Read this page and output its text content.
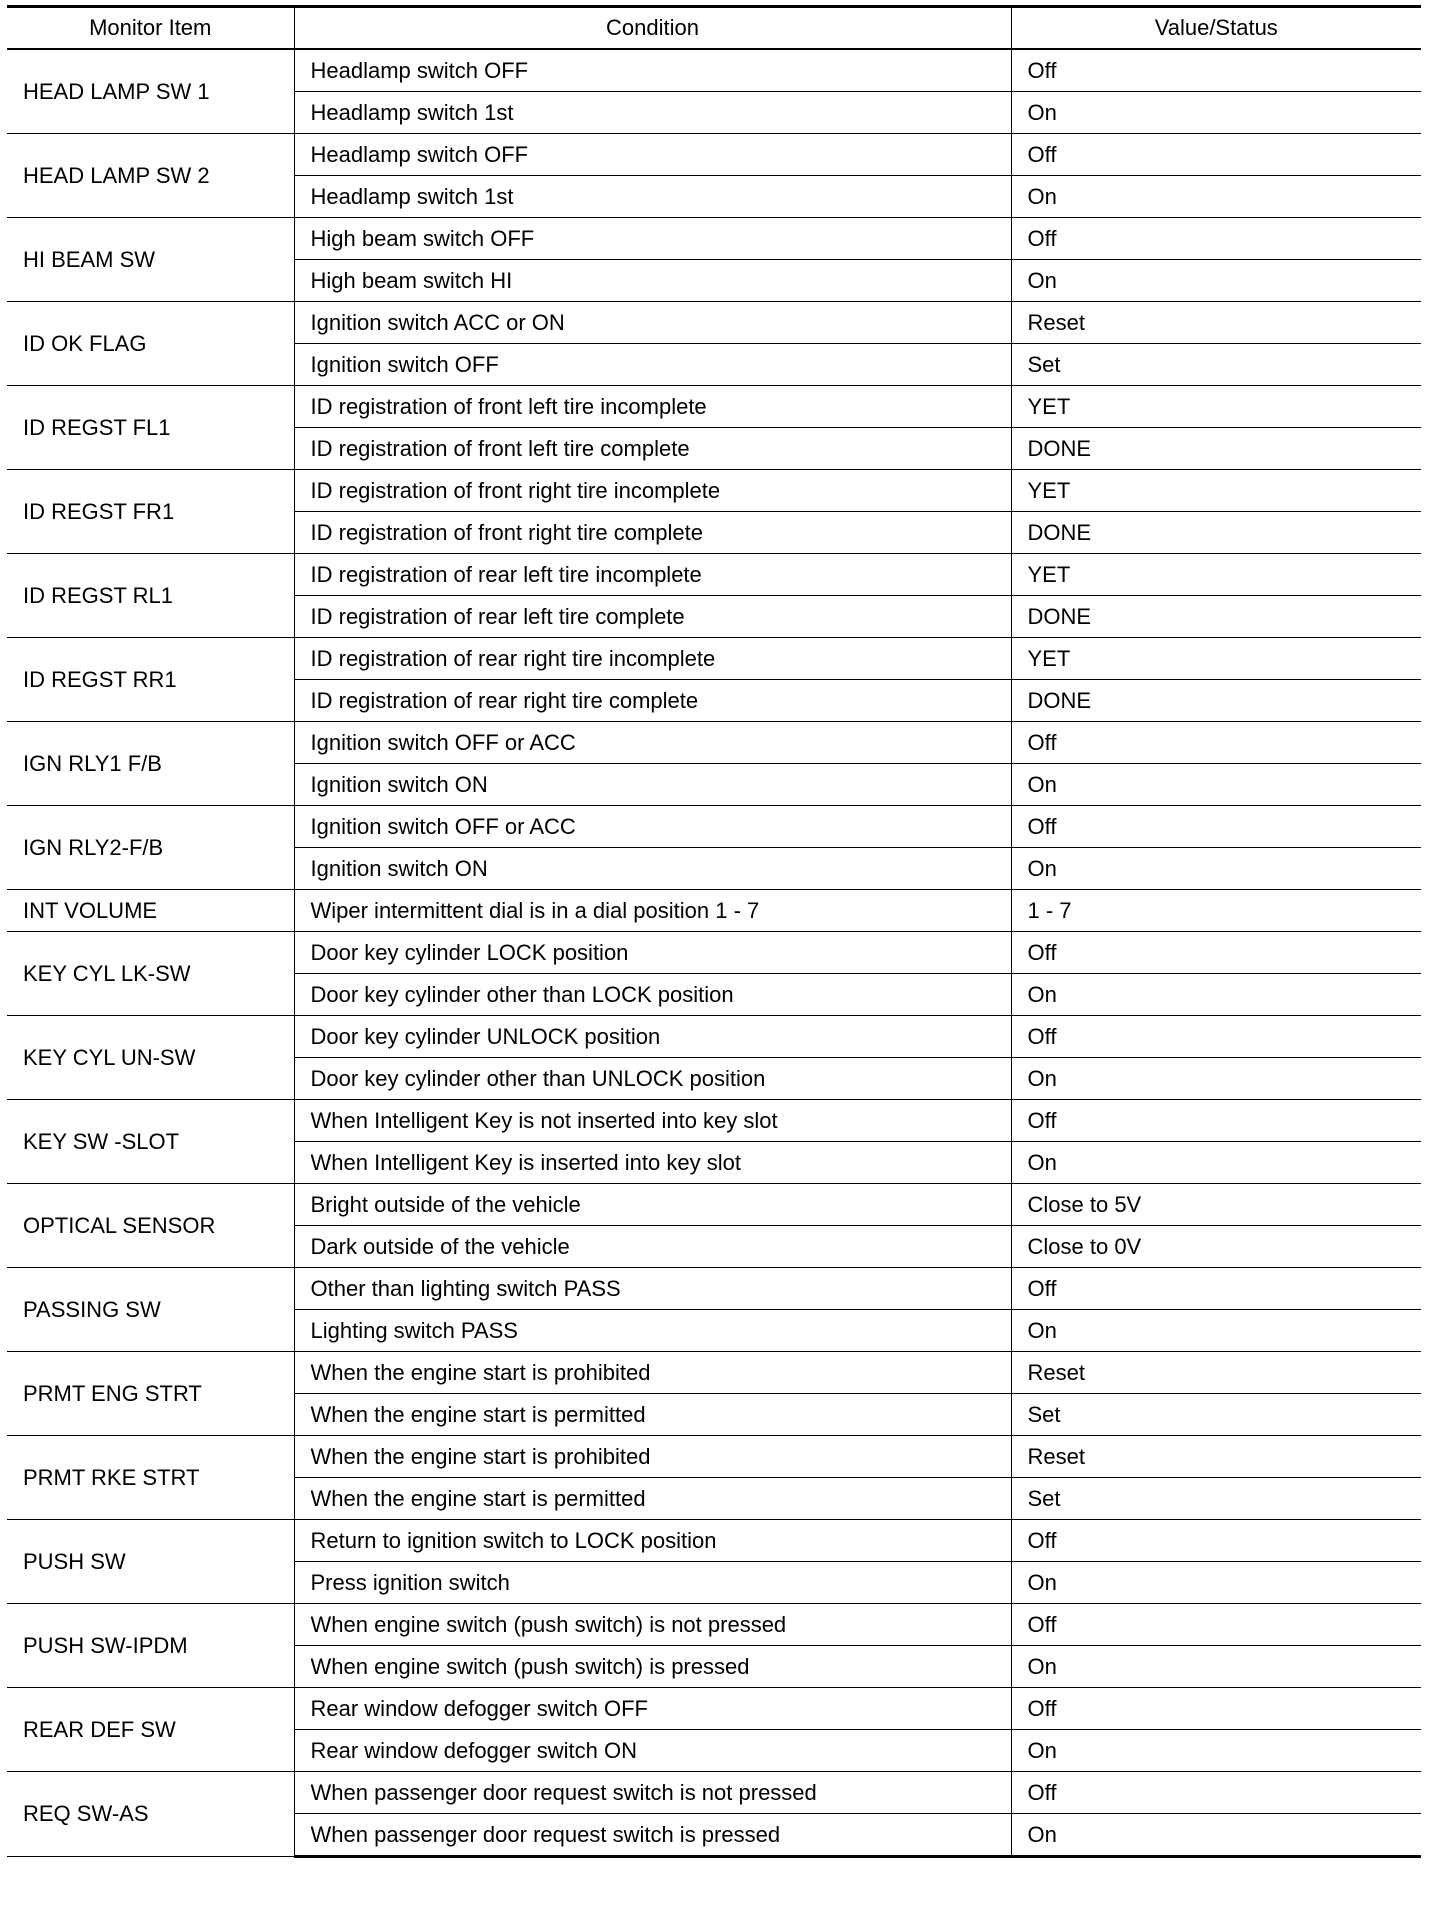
Monitor Item	Condition	Value/Status
HEAD LAMP SW 1	Headlamp switch OFF	Off
	Headlamp switch 1st	On
HEAD LAMP SW 2	Headlamp switch OFF	Off
	Headlamp switch 1st	On
HI BEAM SW	High beam switch OFF	Off
	High beam switch HI	On
ID OK FLAG	Ignition switch ACC or ON	Reset
	Ignition switch OFF	Set
ID REGST FL1	ID registration of front left tire incomplete	YET
	ID registration of front left tire complete	DONE
ID REGST FR1	ID registration of front right tire incomplete	YET
	ID registration of front right tire complete	DONE
ID REGST RL1	ID registration of rear left tire incomplete	YET
	ID registration of rear left tire complete	DONE
ID REGST RR1	ID registration of rear right tire incomplete	YET
	ID registration of rear right tire complete	DONE
IGN RLY1 F/B	Ignition switch OFF or ACC	Off
	Ignition switch ON	On
IGN RLY2-F/B	Ignition switch OFF or ACC	Off
	Ignition switch ON	On
INT VOLUME	Wiper intermittent dial is in a dial position 1 - 7	1 - 7
KEY CYL LK-SW	Door key cylinder LOCK position	Off
	Door key cylinder other than LOCK position	On
KEY CYL UN-SW	Door key cylinder UNLOCK position	Off
	Door key cylinder other than UNLOCK position	On
KEY SW -SLOT	When Intelligent Key is not inserted into key slot	Off
	When Intelligent Key is inserted into key slot	On
OPTICAL SENSOR	Bright outside of the vehicle	Close to 5V
	Dark outside of the vehicle	Close to 0V
PASSING SW	Other than lighting switch PASS	Off
	Lighting switch PASS	On
PRMT ENG STRT	When the engine start is prohibited	Reset
	When the engine start is permitted	Set
PRMT RKE STRT	When the engine start is prohibited	Reset
	When the engine start is permitted	Set
PUSH SW	Return to ignition switch to LOCK position	Off
	Press ignition switch	On
PUSH SW-IPDM	When engine switch (push switch) is not pressed	Off
	When engine switch (push switch) is pressed	On
REAR DEF SW	Rear window defogger switch OFF	Off
	Rear window defogger switch ON	On
REQ SW-AS	When passenger door request switch is not pressed	Off
	When passenger door request switch is pressed	On
